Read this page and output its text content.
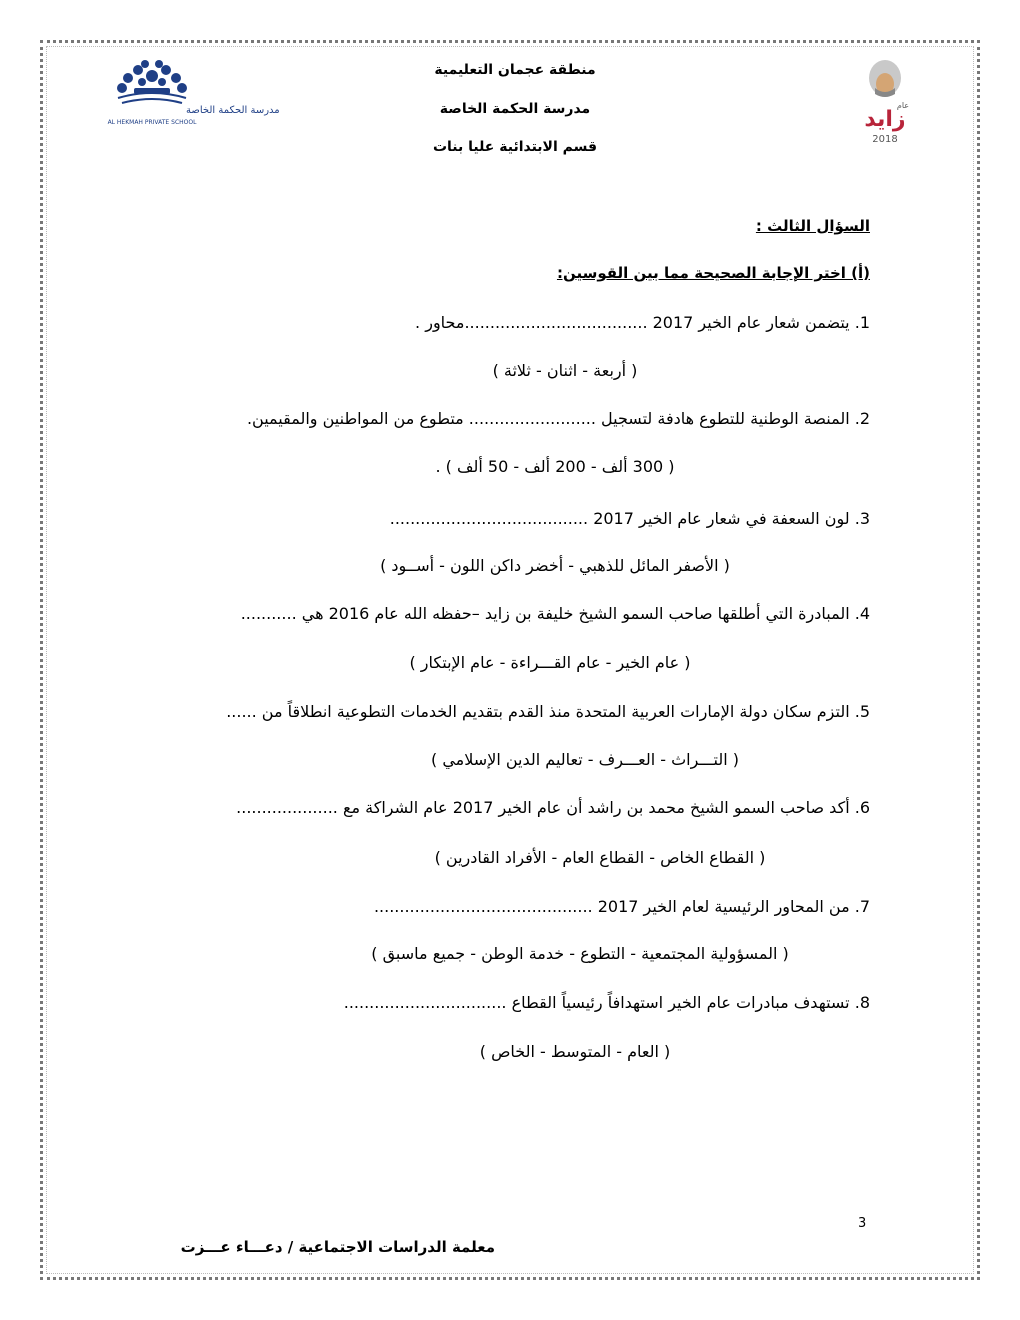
مدرسة الحكمة الخاصة
AL HEKMAH PRIVATE SCHOOL
منطقة عجمان التعليمية
مدرسة الحكمة الخاصة
قسم الابتدائية عليا بنات
زايد
عام
2018
السؤال الثالث :
(أ) اختر الإجابة الصحيحة مما بين القوسين:
1. يتضمن شعار عام الخير 2017 ....................................محاور .
( أربعة - اثنان - ثلاثة )
2. المنصة الوطنية للتطوع هادفة لتسجيل ......................... متطوع من المواطنين والمقيمين.
( 300 ألف - 200 ألف - 50 ألف ) .
3. لون السعفة في شعار عام الخير 2017 .......................................
( الأصفر المائل للذهبي - أخضر داكن اللون - أســود )
4. المبادرة التي أطلقها صاحب السمو الشيخ خليفة بن زايد –حفظه الله عام 2016 هي ...........
( عام الخير - عام القـــراءة - عام الإبتكار )
5. التزم سكان دولة الإمارات العربية المتحدة منذ القدم بتقديم الخدمات التطوعية انطلاقاً من ......
( التـــراث - العـــرف - تعاليم الدين الإسلامي )
6. أكد صاحب السمو الشيخ محمد بن راشد أن عام الخير 2017 عام الشراكة مع ....................
( القطاع الخاص - القطاع العام - الأفراد القادرين )
7. من المحاور الرئيسية لعام الخير 2017 ...........................................
( المسؤولية المجتمعية - التطوع - خدمة الوطن - جميع ماسبق )
8. تستهدف مبادرات عام الخير استهدافاً رئيسياً القطاع ................................
( العام - المتوسط - الخاص )
3
معلمة الدراسات الاجتماعية / دعـــاء عـــزت
